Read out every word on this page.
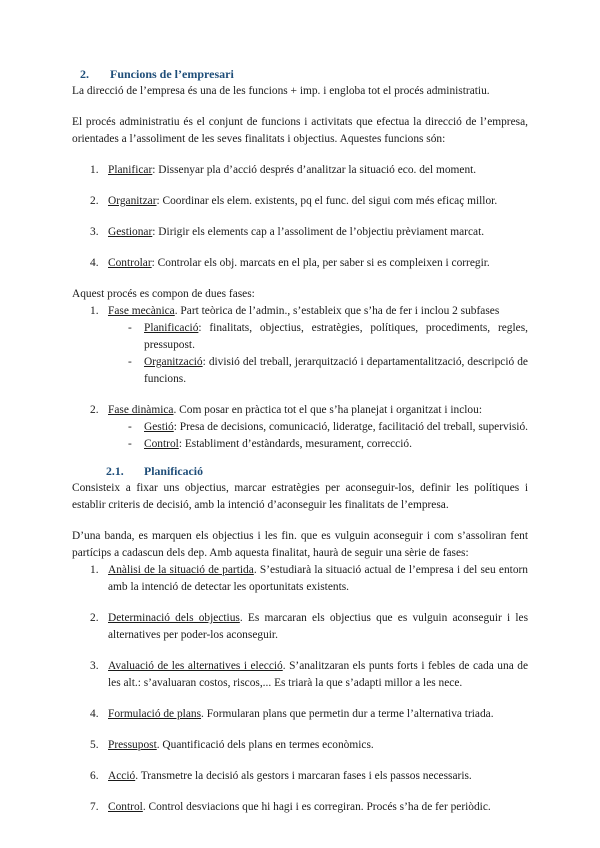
2. Funcions de l’empresari

La direcció de l’empresa és una de les funcions + imp. i engloba tot el procés administratiu.

El procés administratiu és el conjunt de funcions i activitats que efectua la direcció de l’empresa, orientades a l’assoliment de les seves finalitats i objectius. Aquestes funcions són:

1. Planificar: Dissenyar pla d’acció després d’analitzar la situació eco. del moment.
2. Organitzar: Coordinar els elem. existents, pq el func. del sigui com més eficaç millor.
3. Gestionar: Dirigir els elements cap a l’assoliment de l’objectiu prèviament marcat.
4. Controlar: Controlar els obj. marcats en el pla, per saber si es compleixen i corregir.

Aquest procés es compon de dues fases:

1. Fase mecànica. Part teòrica de l’admin., s’estableix que s’ha de fer i inclou 2 subfases
- Planificació: finalitats, objectius, estratègies, polítiques, procediments, regles, pressupost.
- Organització: divisió del treball, jerarquització i departamentalització, descripció de funcions.
2. Fase dinàmica. Com posar en pràctica tot el que s’ha planejat i organitzat i inclou:
- Gestió: Presa de decisions, comunicació, lideratge, facilitació del treball, supervisió.
- Control: Establiment d’estàndards, mesurament, correcció.
2.1. Planificació

Consisteix a fixar uns objectius, marcar estratègies per aconseguir-los, definir les polítiques i establir criteris de decisió, amb la intenció d’aconseguir les finalitats de l’empresa.

D’una banda, es marquen els objectius i les fin. que es vulguin aconseguir i com s’assoliran fent partícips a cadascun dels dep. Amb aquesta finalitat, haurà de seguir una sèrie de fases:

1. Anàlisi de la situació de partida. S’estudiarà la situació actual de l’empresa i del seu entorn amb la intenció de detectar les oportunitats existents.
2. Determinació dels objectius. Es marcaran els objectius que es vulguin aconseguir i les alternatives per poder-los aconseguir.
3. Avaluació de les alternatives i elecció. S’analitzaran els punts forts i febles de cada una de les alt.: s’avaluaran costos, riscos,... Es triarà la que s’adapti millor a les nece.
4. Formulació de plans. Formularan plans que permetin dur a terme l’alternativa triada.
5. Pressupost. Quantificació dels plans en termes econòmics.
6. Acció. Transmetre la decisió als gestors i marcaran fases i els passos necessaris.
7. Control. Control desviacions que hi hagi i es corregiran. Procés s’ha de fer periòdic.
